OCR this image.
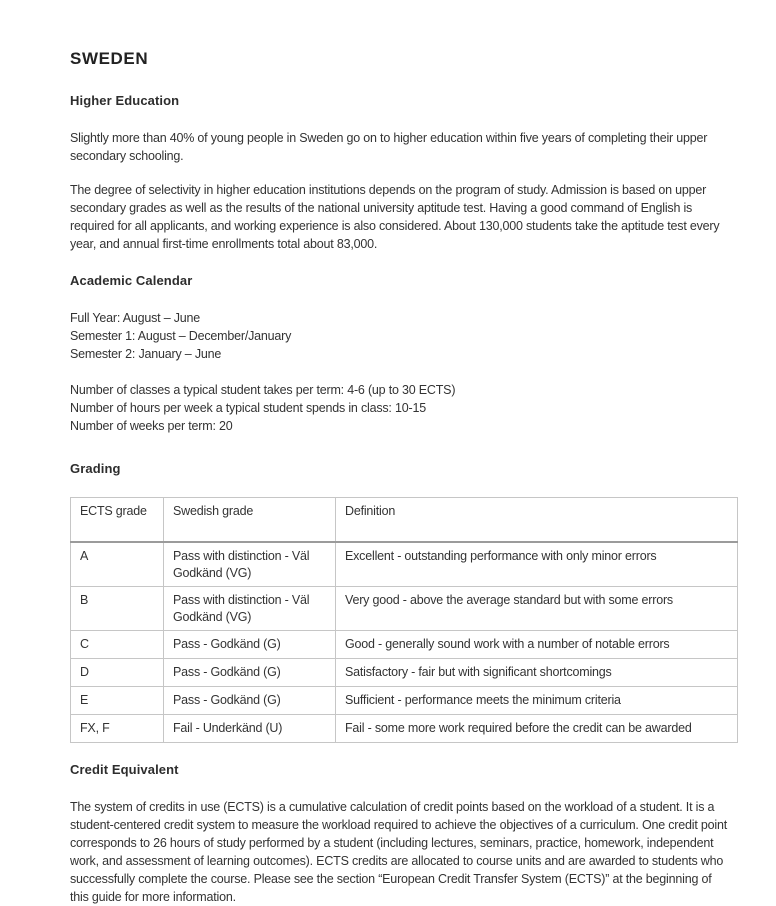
SWEDEN
Higher Education

Slightly more than 40% of young people in Sweden go on to higher education within five years of completing their upper secondary schooling.

The degree of selectivity in higher education institutions depends on the program of study. Admission is based on upper secondary grades as well as the results of the national university aptitude test. Having a good command of English is required for all applicants, and working experience is also considered. About 130,000 students take the aptitude test every year, and annual first-time enrollments total about 83,000.

Academic Calendar
Full Year: August – June
Semester 1: August – December/January
Semester 2: January – June
Number of classes a typical student takes per term: 4-6 (up to 30 ECTS)
Number of hours per week a typical student spends in class: 10-15
Number of weeks per term: 20
Grading
ECTS grade	Swedish grade	Definition
A	Pass with distinction - Väl Godkänd (VG)	Excellent - outstanding performance with only minor errors
B	Pass with distinction - Väl Godkänd (VG)	Very good - above the average standard but with some errors
C	Pass - Godkänd (G)	Good - generally sound work with a number of notable errors
D	Pass - Godkänd (G)	Satisfactory - fair but with significant shortcomings
E	Pass - Godkänd (G)	Sufficient - performance meets the minimum criteria
FX, F	Fail - Underkänd (U)	Fail - some more work required before the credit can be awarded
Credit Equivalent

The system of credits in use (ECTS) is a cumulative calculation of credit points based on the workload of a student. It is a student-centered credit system to measure the workload required to achieve the objectives of a curriculum. One credit point corresponds to 26 hours of study performed by a student (including lectures, seminars, practice, homework, independent work, and assessment of learning outcomes). ECTS credits are allocated to course units and are awarded to students who successfully complete the course. Please see the section “European Credit Transfer System (ECTS)” at the beginning of this guide for more information.
